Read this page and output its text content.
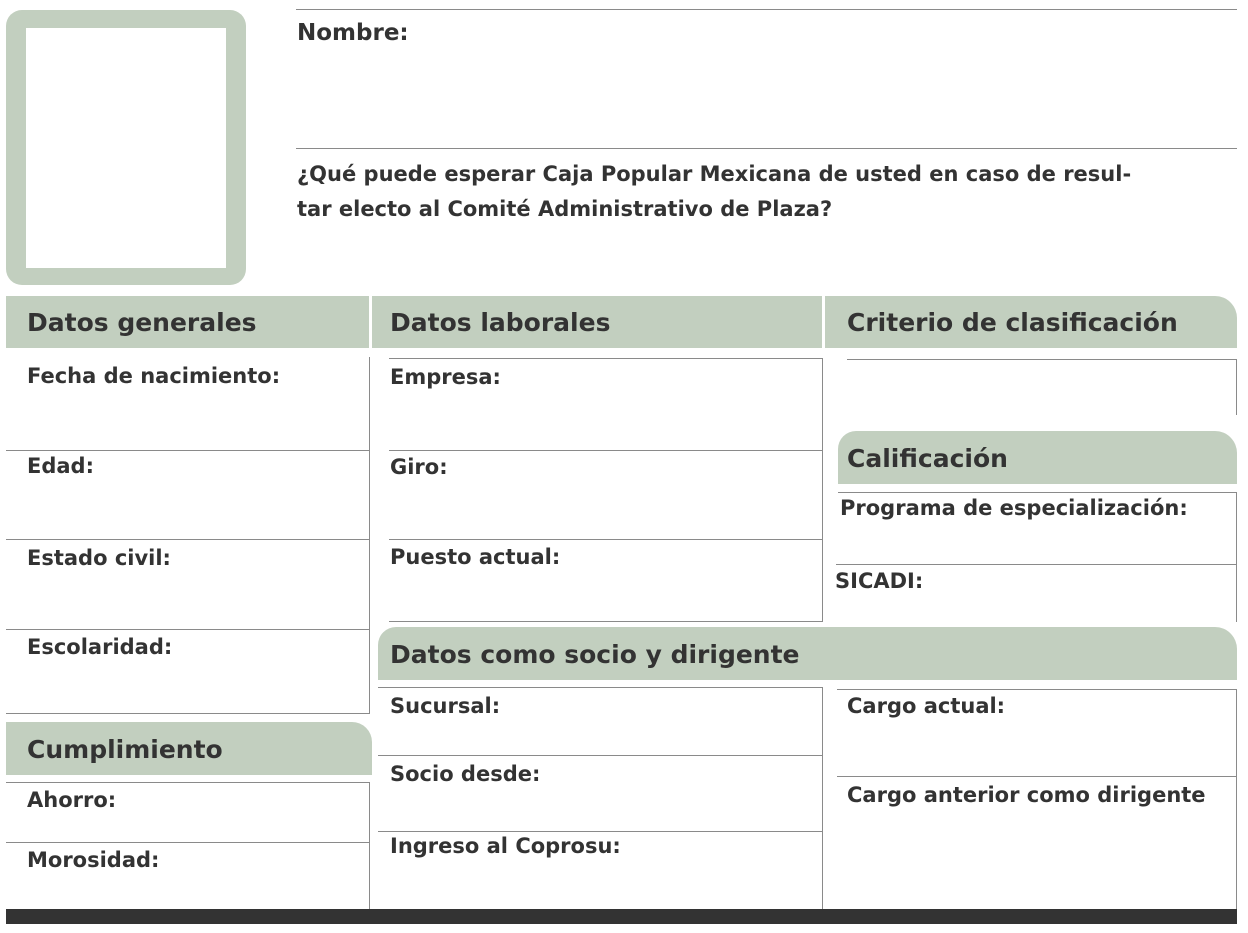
Nombre:
¿Qué puede esperar Caja Popular Mexicana de usted en caso de resul-
tar electo al Comité Administrativo de Plaza?
Datos generales	Datos laborales	Criterio de clasificación
Fecha de nacimiento:
Edad:
Estado civil:
Escolaridad:
Cumplimiento
Ahorro:
Morosidad:
Empresa:
Giro:
Puesto actual:
Calificación
Programa de especialización:
SICADI:
Datos como socio y dirigente
Sucursal:
Socio desde:
Ingreso al Coprosu:
Cargo actual:
Cargo anterior como dirigente
